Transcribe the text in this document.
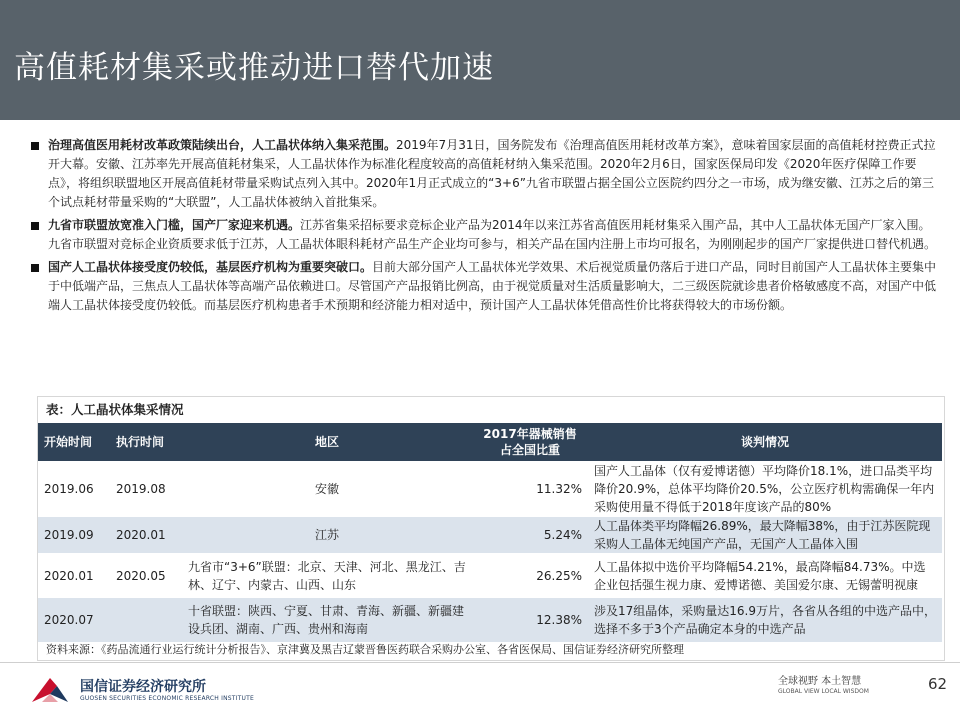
高值耗材集采或推动进口替代加速
治理高值医用耗材改革政策陆续出台，人工晶状体纳入集采范围。2019年7月31日，国务院发布《治理高值医用耗材改革方案》，意味着国家层面的高值耗材控费正式拉开大幕。安徽、江苏率先开展高值耗材集采，人工晶状体作为标准化程度较高的高值耗材纳入集采范围。2020年2月6日，国家医保局印发《2020年医疗保障工作要点》，将组织联盟地区开展高值耗材带量采购试点列入其中。2020年1月正式成立的“3+6”九省市联盟占据全国公立医院约四分之一市场，成为继安徽、江苏之后的第三个试点耗材带量采购的“大联盟”，人工晶状体被纳入首批集采。
九省市联盟放宽准入门槛，国产厂家迎来机遇。江苏省集采招标要求竞标企业产品为2014年以来江苏省高值医用耗材集采入围产品，其中人工晶状体无国产厂家入围。九省市联盟对竞标企业资质要求低于江苏，人工晶状体眼科耗材产品生产企业均可参与，相关产品在国内注册上市均可报名，为刚刚起步的国产厂家提供进口替代机遇。
国产人工晶状体接受度仍较低，基层医疗机构为重要突破口。目前大部分国产人工晶状体光学效果、术后视觉质量仍落后于进口产品，同时目前国产人工晶状体主要集中于中低端产品，三焦点人工晶状体等高端产品依赖进口。尽管国产产品报销比例高，由于视觉质量对生活质量影响大，二三级医院就诊患者价格敏感度不高，对国产中低端人工晶状体接受度仍较低。而基层医疗机构患者手术预期和经济能力相对适中，预计国产人工晶状体凭借高性价比将获得较大的市场份额。
表：人工晶状体集采情况
开始时间	执行时间	地区	2017年器械销售占全国比重	谈判情况
2019.06	2019.08	安徽	11.32%	国产人工晶体（仅有爱博诺德）平均降价18.1%，进口品类平均降价20.9%，总体平均降价20.5%，公立医疗机构需确保一年内采购使用量不得低于2018年度该产品的80%
2019.09	2020.01	江苏	5.24%	人工晶体类平均降幅26.89%，最大降幅38%，由于江苏医院现采购人工晶体无纯国产产品，无国产人工晶体入围
2020.01	2020.05	九省市“3+6”联盟：北京、天津、河北、黑龙江、吉林、辽宁、内蒙古、山西、山东	26.25%	人工晶体拟中选价平均降幅54.21%，最高降幅84.73%。中选企业包括强生视力康、爱博诺德、美国爱尔康、无锡蕾明视康
2020.07		十省联盟：陕西、宁夏、甘肃、青海、新疆、新疆建设兵团、湖南、广西、贵州和海南	12.38%	涉及17组晶体，采购量达16.9万片，各省从各组的中选产品中，选择不多于3个产品确定本身的中选产品
资料来源：《药品流通行业运行统计分析报告》、京津冀及黑吉辽蒙晋鲁医药联合采购办公室、各省医保局、国信证券经济研究所整理
国信证券经济研究所
GUOSEN SECURITIES ECONOMIC RESEARCH INSTITUTE
全球视野 本土智慧
GLOBAL VIEW LOCAL WISDOM	62
